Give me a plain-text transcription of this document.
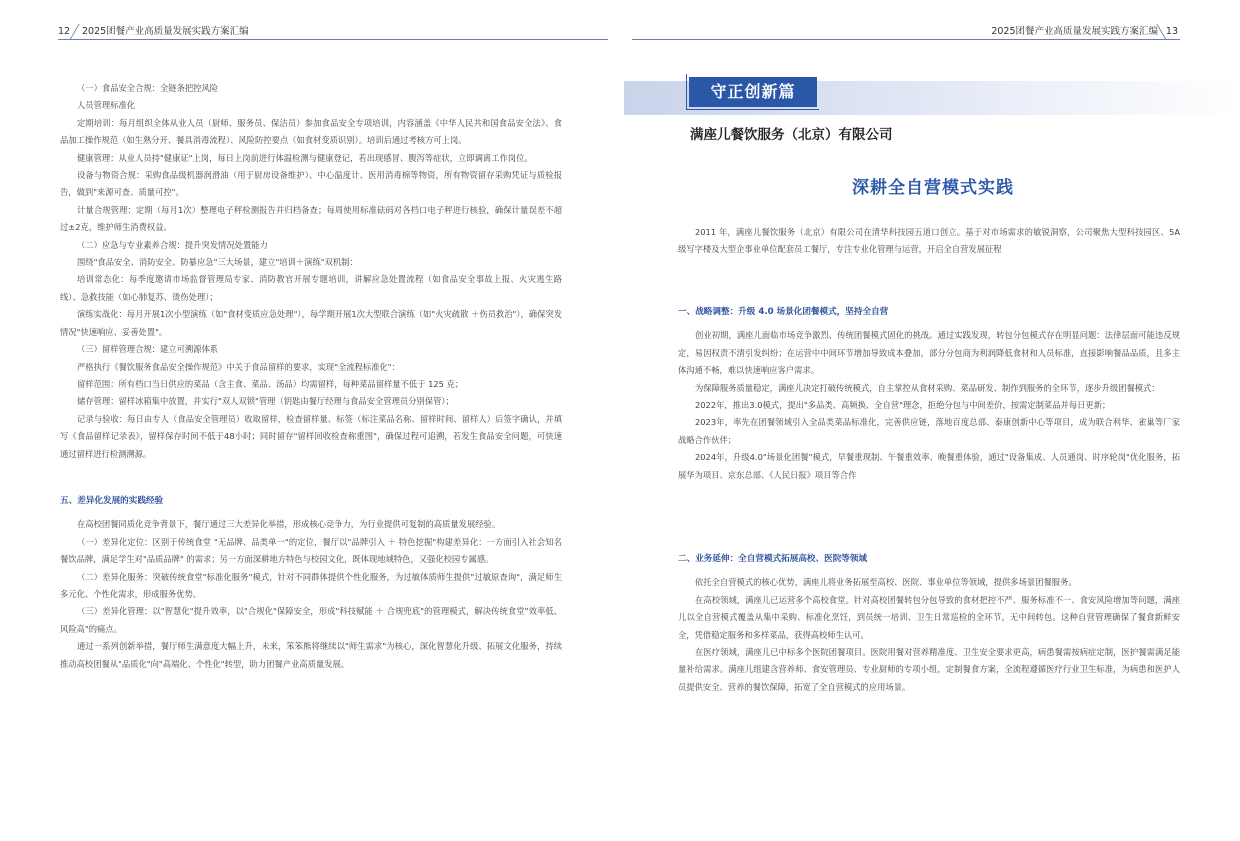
12 2025团餐产业高质量发展实践方案汇编	2025团餐产业高质量发展实践方案汇编 13

（一）食品安全合规：全链条把控风险

人员管理标准化

定期培训：每月组织全体从业人员（厨师、服务员、保洁员）参加食品安全专项培训，内容涵盖《中华人民共和国食品安全法》、食品加工操作规范（如生熟分开、餐具消毒流程）、风险防控要点（如食材变质识别）。培训后通过考核方可上岗。

健康管理：从业人员持"健康证"上岗，每日上岗前进行体温检测与健康登记，若出现感冒、腹泻等症状，立即调离工作岗位。

设备与物资合规：采购食品级机器润滑油（用于厨房设备维护）、中心温度计、医用消毒棉等物资，所有物资留存采购凭证与质检报告，做到"来源可查、质量可控"。

计量合规管理：定期（每月1次）整理电子秤检测报告并归档备查；每周使用标准砝码对各档口电子秤进行核验，确保计量误差不超过±2克，维护师生消费权益。

（二）应急与专业素养合规：提升突发情况处置能力

围绕"食品安全、消防安全、防暴应急"三大场景，建立"培训＋演练"双机制：

培训常态化：每季度邀请市场监督管理局专家、消防教官开展专题培训，讲解应急处置流程（如食品安全事故上报、火灾逃生路线）、急救技能（如心肺复苏、烫伤处理）；

演练实战化：每月开展1次小型演练（如"食材变质应急处理"），每学期开展1次大型联合演练（如"火灾疏散 ＋伤员救治"），确保突发情况"快速响应、妥善处置"。

（三）留样管理合规：建立可溯源体系

严格执行《餐饮服务食品安全操作规范》中关于食品留样的要求，实现"全流程标准化"：

留样范围：所有档口当日供应的菜品（含主食、菜品、汤品）均需留样，每种菜品留样量不低于 125 克；

储存管理：留样冰箱集中放置，并实行"双人双锁"管理（钥匙由餐厅经理与食品安全管理员分别保管）；

记录与验收：每日由专人（食品安全管理员）收取留样，检查留样量、标签（标注菜品名称、留样时间、留样人）后签字确认，并填写《食品留样记录表》，留样保存时间不低于48小时；同时留存"留样回收检查称重图"，确保过程可追溯，若发生食品安全问题，可快速通过留样进行检测溯源。

五、差异化发展的实践经验

在高校团餐同质化竞争背景下，餐厅通过三大差异化举措，形成核心竞争力，为行业提供可复制的高质量发展经验。

（一）差异化定位：区别于传统食堂 "无品牌、品类单一"的定位，餐厅以"品牌引入 ＋ 特色挖掘"构建差异化：一方面引入社会知名餐饮品牌，满足学生对"品质品牌" 的需求；另一方面深耕地方特色与校园文化，既体现地域特色，又强化校园专属感。

（二）差异化服务：突破传统食堂"标准化服务"模式，针对不同群体提供个性化服务，为过敏体质师生提供"过敏原查询"，满足师生多元化、个性化需求，形成服务优势。

（三）差异化管理：以"智慧化"提升效率，以"合规化"保障安全，形成"科技赋能 ＋ 合规兜底"的管理模式，解决传统食堂"效率低、风险高"的痛点。

通过一系列创新举措，餐厅师生满意度大幅上升，未来，笨笨熊将继续以"师生需求"为核心，深化智慧化升级、拓展文化服务，持续推动高校团餐从"品质化"向"高端化、个性化"转型，助力团餐产业高质量发展。

守正创新篇
满座儿餐饮服务（北京）有限公司
深耕全自营模式实践

2011 年，满座儿餐饮服务（北京）有限公司在清华科技园五道口创立。基于对市场需求的敏锐洞察，公司聚焦大型科技园区、5A 级写字楼及大型企事业单位配套员工餐厅，专注专业化管理与运营，开启全自营发展征程

一、战略调整：升级 4.0 场景化团餐模式，坚持全自营

创业初期，满座儿面临市场竞争激烈、传统团餐模式固化的挑战。通过实践发现，转包分包模式存在明显问题：法律层面可能违反规定，易因权责不清引发纠纷；在运营中中间环节增加导致成本叠加，部分分包商为利润降低食材和人员标准，直接影响餐品品质，且多主体沟通不畅，难以快速响应客户需求。

为保障服务质量稳定，满座儿决定打破传统模式，自主掌控从食材采购、菜品研发、制作到服务的全环节，逐步升级团餐模式：

2022年，推出3.0模式，提出"多品类、高频换、全自营"理念，拒绝分包与中间差价，按需定制菜品并每日更新；

2023年，率先在团餐领域引入全品类菜品标准化，完善供应链，落地百度总部、泰康创新中心等项目，成为联合利华、雀巢等厂家战略合作伙伴；

2024年，升级4.0"场景化团餐"模式，早餐重现制、午餐重效率、晚餐重体验，通过"设备集成、人员通岗、时序轮岗"优化服务，拓展华为项目、京东总部、《人民日报》项目等合作

二、业务延伸：全自营模式拓展高校、医院等领域

依托全自营模式的核心优势，满座儿将业务拓展至高校、医院、事业单位等领域，提供多场景团餐服务。

在高校领域，满座儿已运营多个高校食堂。针对高校团餐转包分包导致的食材把控不严、服务标准不一、食安风险增加等问题，满座儿以全自营模式覆盖从集中采购、标准化烹饪，到员统一培训、卫生日常巡检的全环节，无中间转包。这种自营管理确保了餐食新鲜安全，凭借稳定服务和多样菜品，获得高校师生认可。

在医疗领域，满座儿已中标多个医院团餐项目。医院用餐对营养精准度、卫生安全要求更高，病患餐需按病症定制，医护餐需满足能量补给需求。满座儿组建含营养师、食安管理员、专业厨师的专项小组，定制餐食方案，全流程遵循医疗行业卫生标准，为病患和医护人员提供安全、营养的餐饮保障，拓宽了全自营模式的应用场景。
